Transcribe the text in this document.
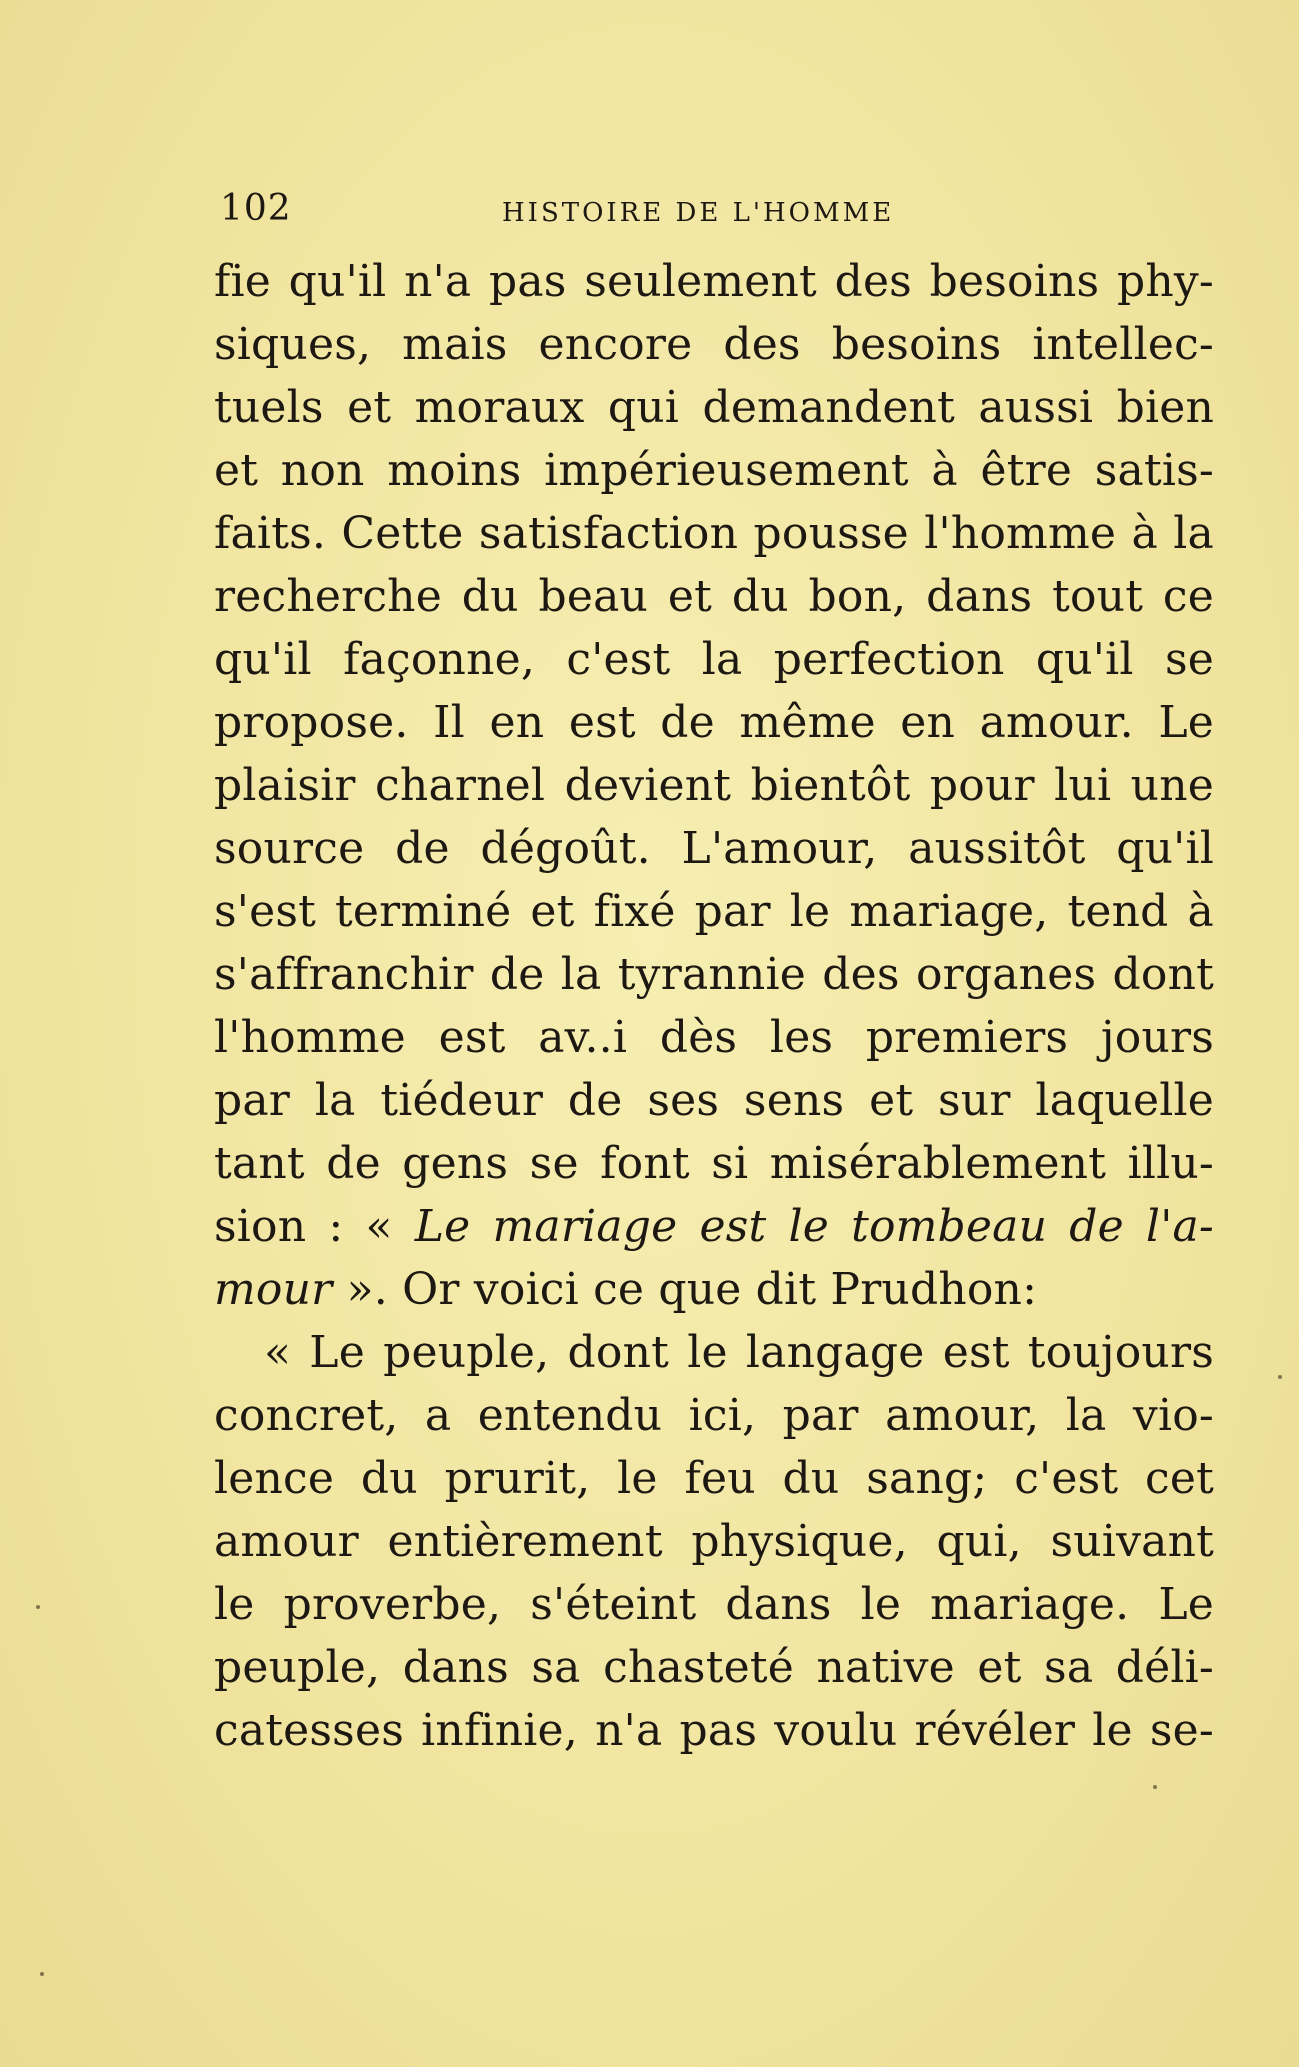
102	HISTOIRE DE L'HOMME
fie qu'il n'a pas seulement des besoins phy-
siques, mais encore des besoins intellec-
tuels et moraux qui demandent aussi bien
et non moins impérieusement à être satis-
faits. Cette satisfaction pousse l'homme à la
recherche du beau et du bon, dans tout ce
qu'il façonne, c'est la perfection qu'il se
propose. Il en est de même en amour. Le
plaisir charnel devient bientôt pour lui une
source de dégoût. L'amour, aussitôt qu'il
s'est terminé et fixé par le mariage, tend à
s'affranchir de la tyrannie des organes dont
l'homme est av..i dès les premiers jours
par la tiédeur de ses sens et sur laquelle
tant de gens se font si misérablement illu-
sion : « Le mariage est le tombeau de l'a-
mour ». Or voici ce que dit Prudhon:
« Le peuple, dont le langage est toujours
concret, a entendu ici, par amour, la vio-
lence du prurit, le feu du sang; c'est cet
amour entièrement physique, qui, suivant
le proverbe, s'éteint dans le mariage. Le
peuple, dans sa chasteté native et sa déli-
catesses infinie, n'a pas voulu révéler le se-
